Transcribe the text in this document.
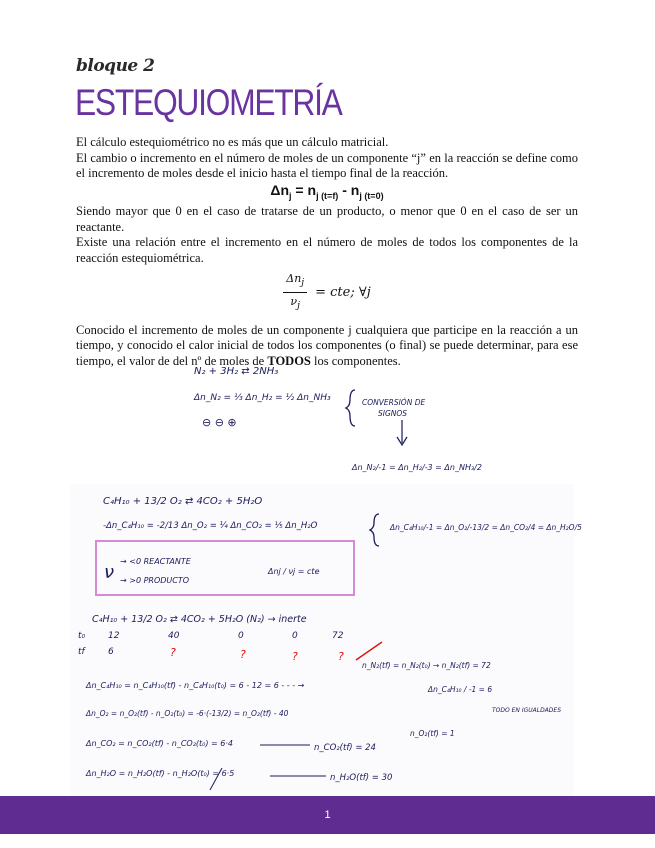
bloque 2
ESTEQUIOMETRÍA

El cálculo estequiométrico no es más que un cálculo matricial.

El cambio o incremento en el número de moles de un componente “j” en la reacción se define como el incremento de moles desde el inicio hasta el tiempo final de la reacción.

$\Delta n_j = n_{j (t=f)} - n_{j (t=0)}$

Siendo mayor que 0 en el caso de tratarse de un producto, o menor que 0 en el caso de ser un reactante.

Existe una relación entre el incremento en el número de moles de todos los componentes de la reacción estequiométrica.

$\frac{\Delta n_j}{\nu_j}$ = cte; ∀j

Conocido el incremento de moles de un componente j cualquiera que participe en la reacción a un tiempo, y conocido el calor inicial de todos los componentes (o final) se puede determinar, para ese tiempo, el valor de del nº de moles de TODOS los componentes.

N₂ + 3H₂ ⇄ 2NH₃
Δn_N₂ = ⅓ Δn_H₂ = ½ Δn_NH₃
⊖ ⊖ ⊕
CONVERSIÓN DE
SIGNOS
Δn_N₂/-1 = Δn_H₂/-3 = Δn_NH₃/2
C₄H₁₀ + 13/2 O₂ ⇄ 4CO₂ + 5H₂O
-Δn_C₄H₁₀ = -2/13 Δn_O₂ = ¼ Δn_CO₂ = ⅕ Δn_H₂O	Δn_C₄H₁₀/-1 = Δn_O₂/-13/2 = Δn_CO₂/4 = Δn_H₂O/5
ν
→ <0 REACTANTE
→ >0 PRODUCTO
Δnj / νj = cte
C₄H₁₀ + 13/2 O₂ ⇄ 4CO₂ + 5H₂O (N₂) → inerte
t₀	12	40	0	0	72
tf	6	?	?	?	?
n_N₂(tf) = n_N₂(t₀) → n_N₂(tf) = 72
Δn_C₄H₁₀ = n_C₄H₁₀(tf) - n_C₄H₁₀(t₀) = 6 - 12 = 6 - - - →	Δn_C₄H₁₀ / -1 = 6
TODO EN IGUALDADES
Δn_O₂ = n_O₂(tf) - n_O₂(t₀) = -6·(-13/2) = n_O₂(tf) - 40
n_O₂(tf) = 1
Δn_CO₂ = n_CO₂(tf) - n_CO₂(t₀) = 6·4	n_CO₂(tf) = 24
Δn_H₂O = n_H₂O(tf) - n_H₂O(t₀) = 6·5	n_H₂O(tf) = 30
1
